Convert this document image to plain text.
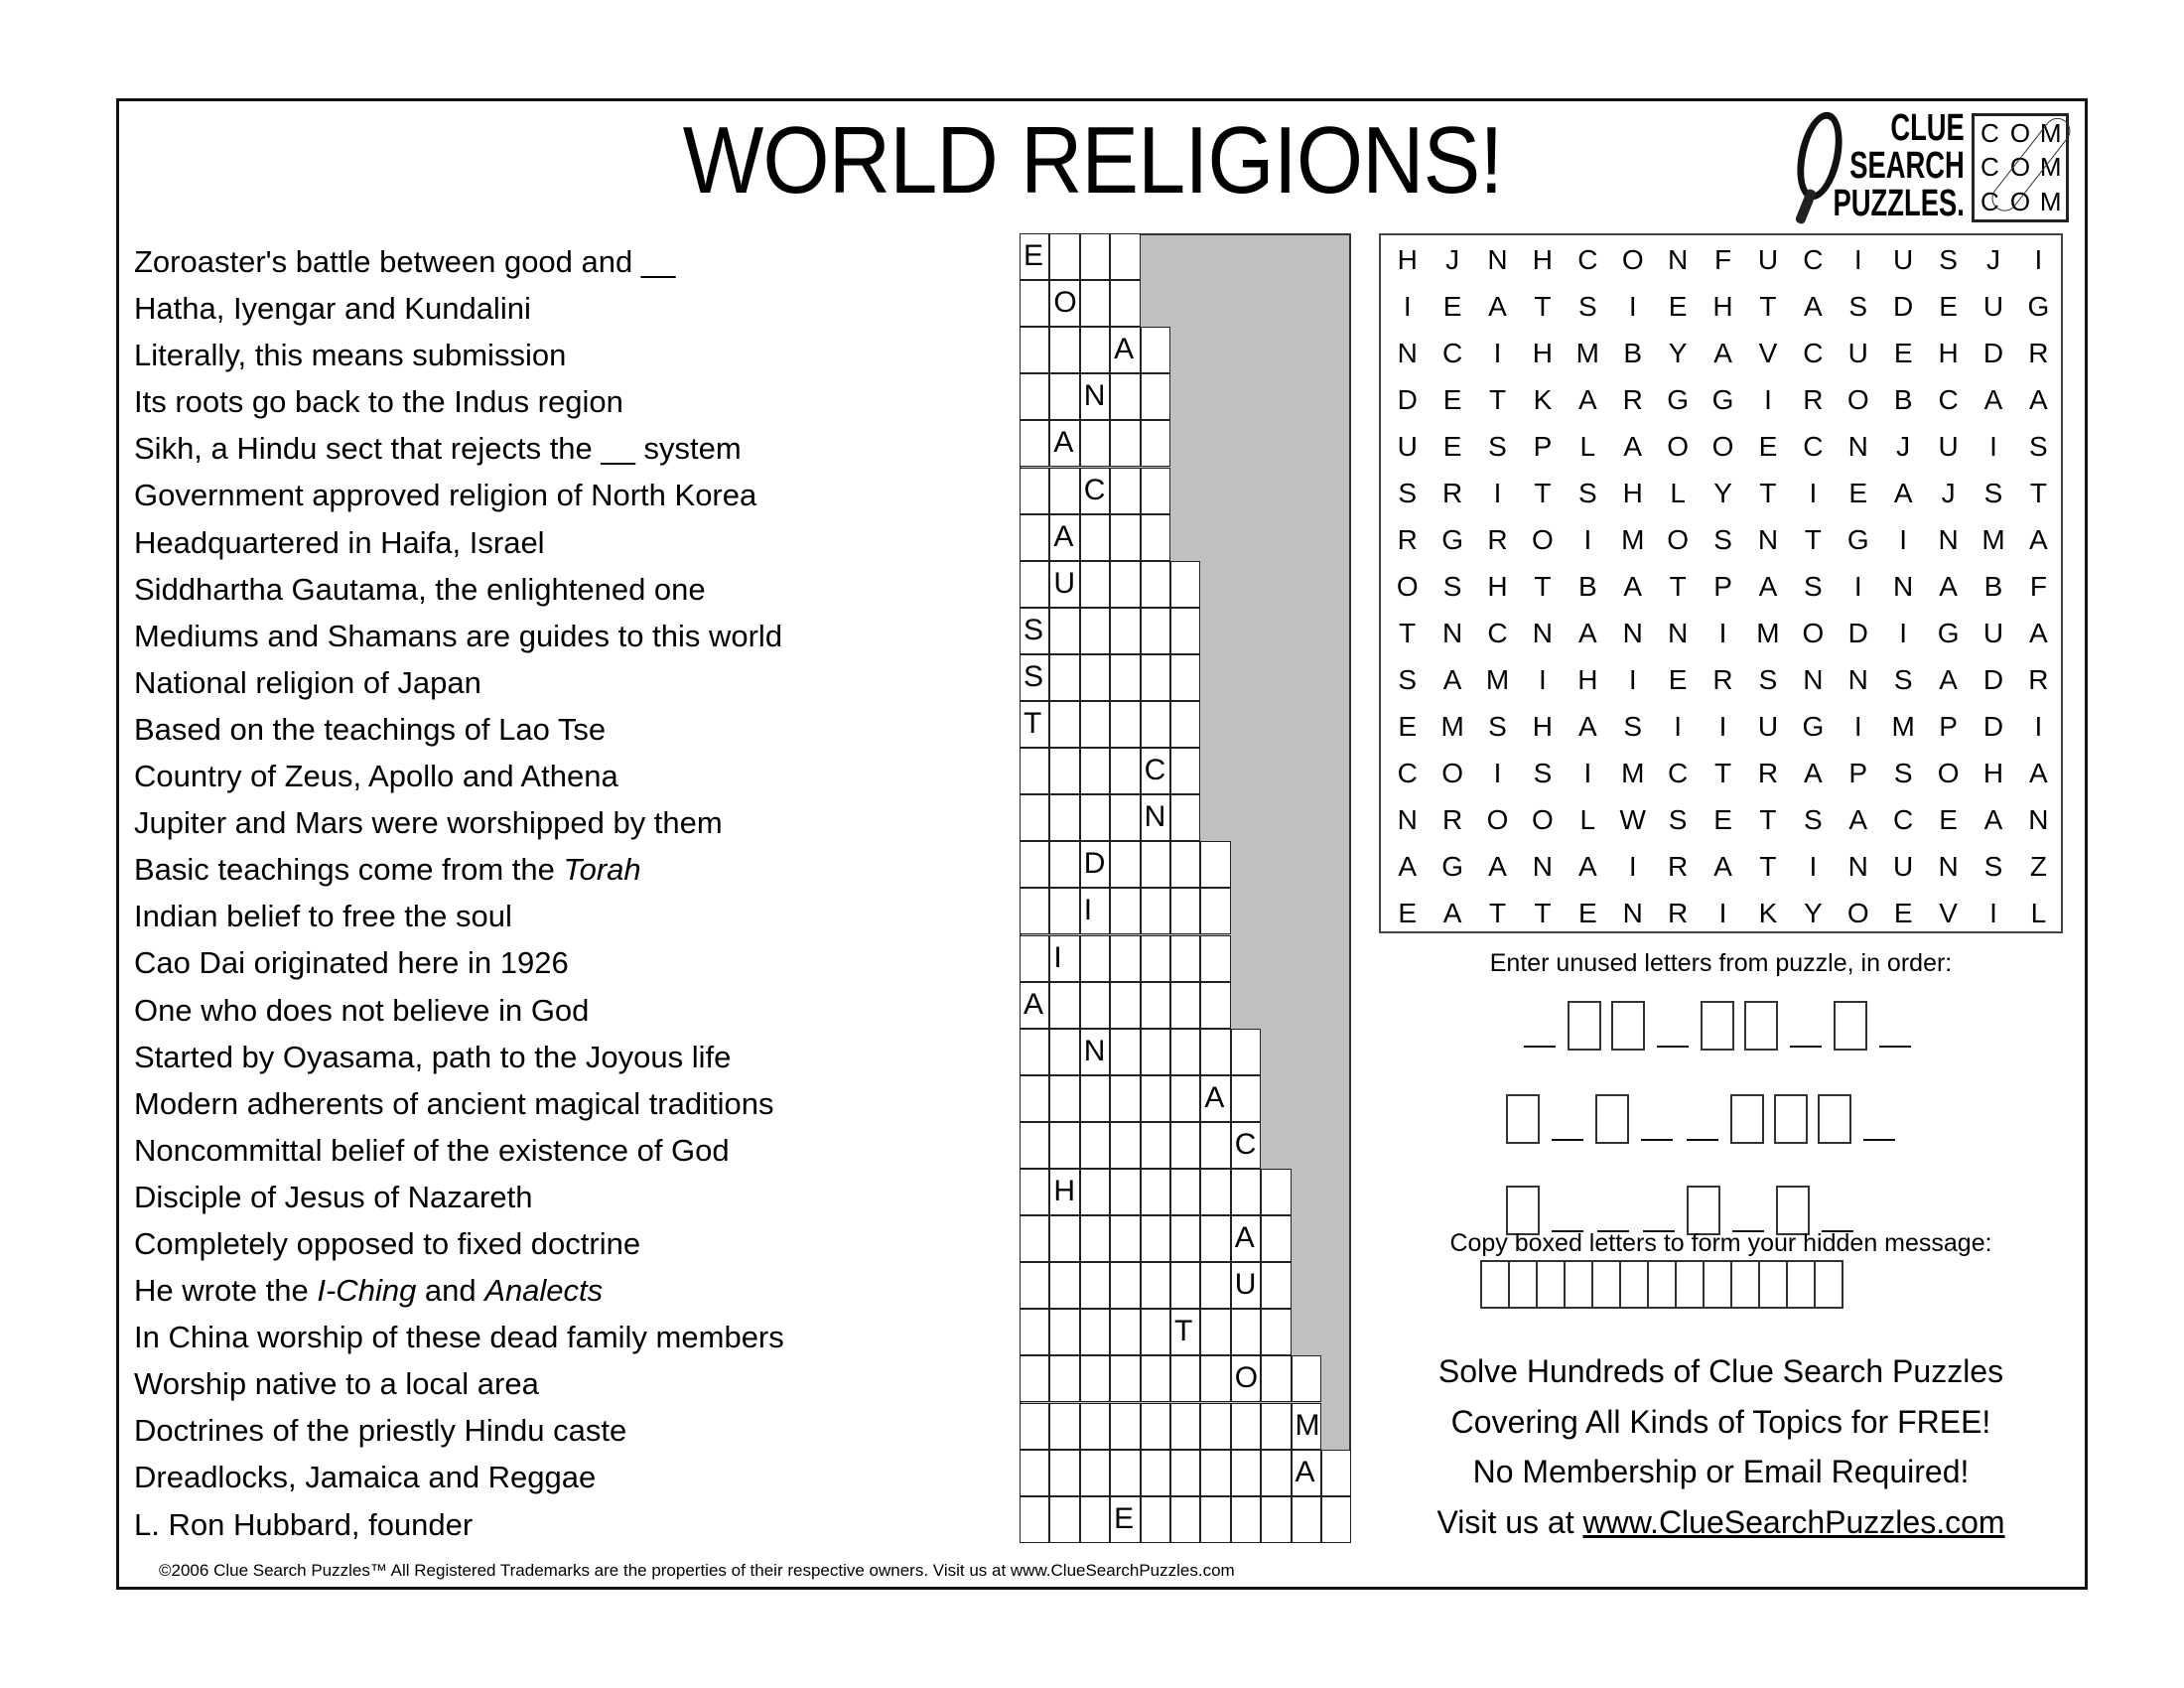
WORLD RELIGIONS!	CLUE
SEARCH
PUZZLES.
C O M
C O M
C O M
Zoroaster's battle between good and __
Hatha, Iyengar and Kundalini
Literally, this means submission
Its roots go back to the Indus region
Sikh, a Hindu sect that rejects the __ system
Government approved religion of North Korea
Headquartered in Haifa, Israel
Siddhartha Gautama, the enlightened one
Mediums and Shamans are guides to this world
National religion of Japan
Based on the teachings of Lao Tse
Country of Zeus, Apollo and Athena
Jupiter and Mars were worshipped by them
Basic teachings come from the Torah
Indian belief to free the soul
Cao Dai originated here in 1926
One who does not believe in God
Started by Oyasama, path to the Joyous life
Modern adherents of ancient magical traditions
Noncommittal belief of the existence of God
Disciple of Jesus of Nazareth
Completely opposed to fixed doctrine
He wrote the I-Ching and Analects
In China worship of these dead family members
Worship native to a local area
Doctrines of the priestly Hindu caste
Dreadlocks, Jamaica and Reggae
L. Ron Hubbard, founder
E
O
A
N
A
C
A
U
S
S
T
C
N
D
I
I
A
N
A
C
H
A
U
T
O
M
A
E
H	J	N H C O N F U C	I	U S	J	I
I	E A T S	I	E H T A S D E U G
N C	I	H M B Y A V C U E H D R
D E T K A R G G	I	R O B C A A
U E S P	L	A O O E C N	J	U	I	S
S R	I	T S H L	Y T	I	E A	J	S T
R G R O	I	M O S N T G	I	N M A
O S H T B A T P A S	I	N A B F
T N C N A N N	I	M O D	I	G U A
S A M	I	H	I	E R S N N S A D R
E M S H A S	I	I	U G	I	M P D	I
C O	I	S	I	M C T R A P S O H A
N R O O L W S E T S A C E A N
A G A N A	I	R A T	I	N U N S Z
E A T	T E N R	I	K Y O E V	I	L
Enter unused letters from puzzle, in order:
Copy boxed letters to form your hidden message:
Solve Hundreds of Clue Search Puzzles
Covering All Kinds of Topics for FREE!
No Membership or Email Required!
Visit us at www.ClueSearchPuzzles.com
©2006 Clue Search Puzzles™ All Registered Trademarks are the properties of their respective owners. Visit us at www.ClueSearchPuzzles.com
